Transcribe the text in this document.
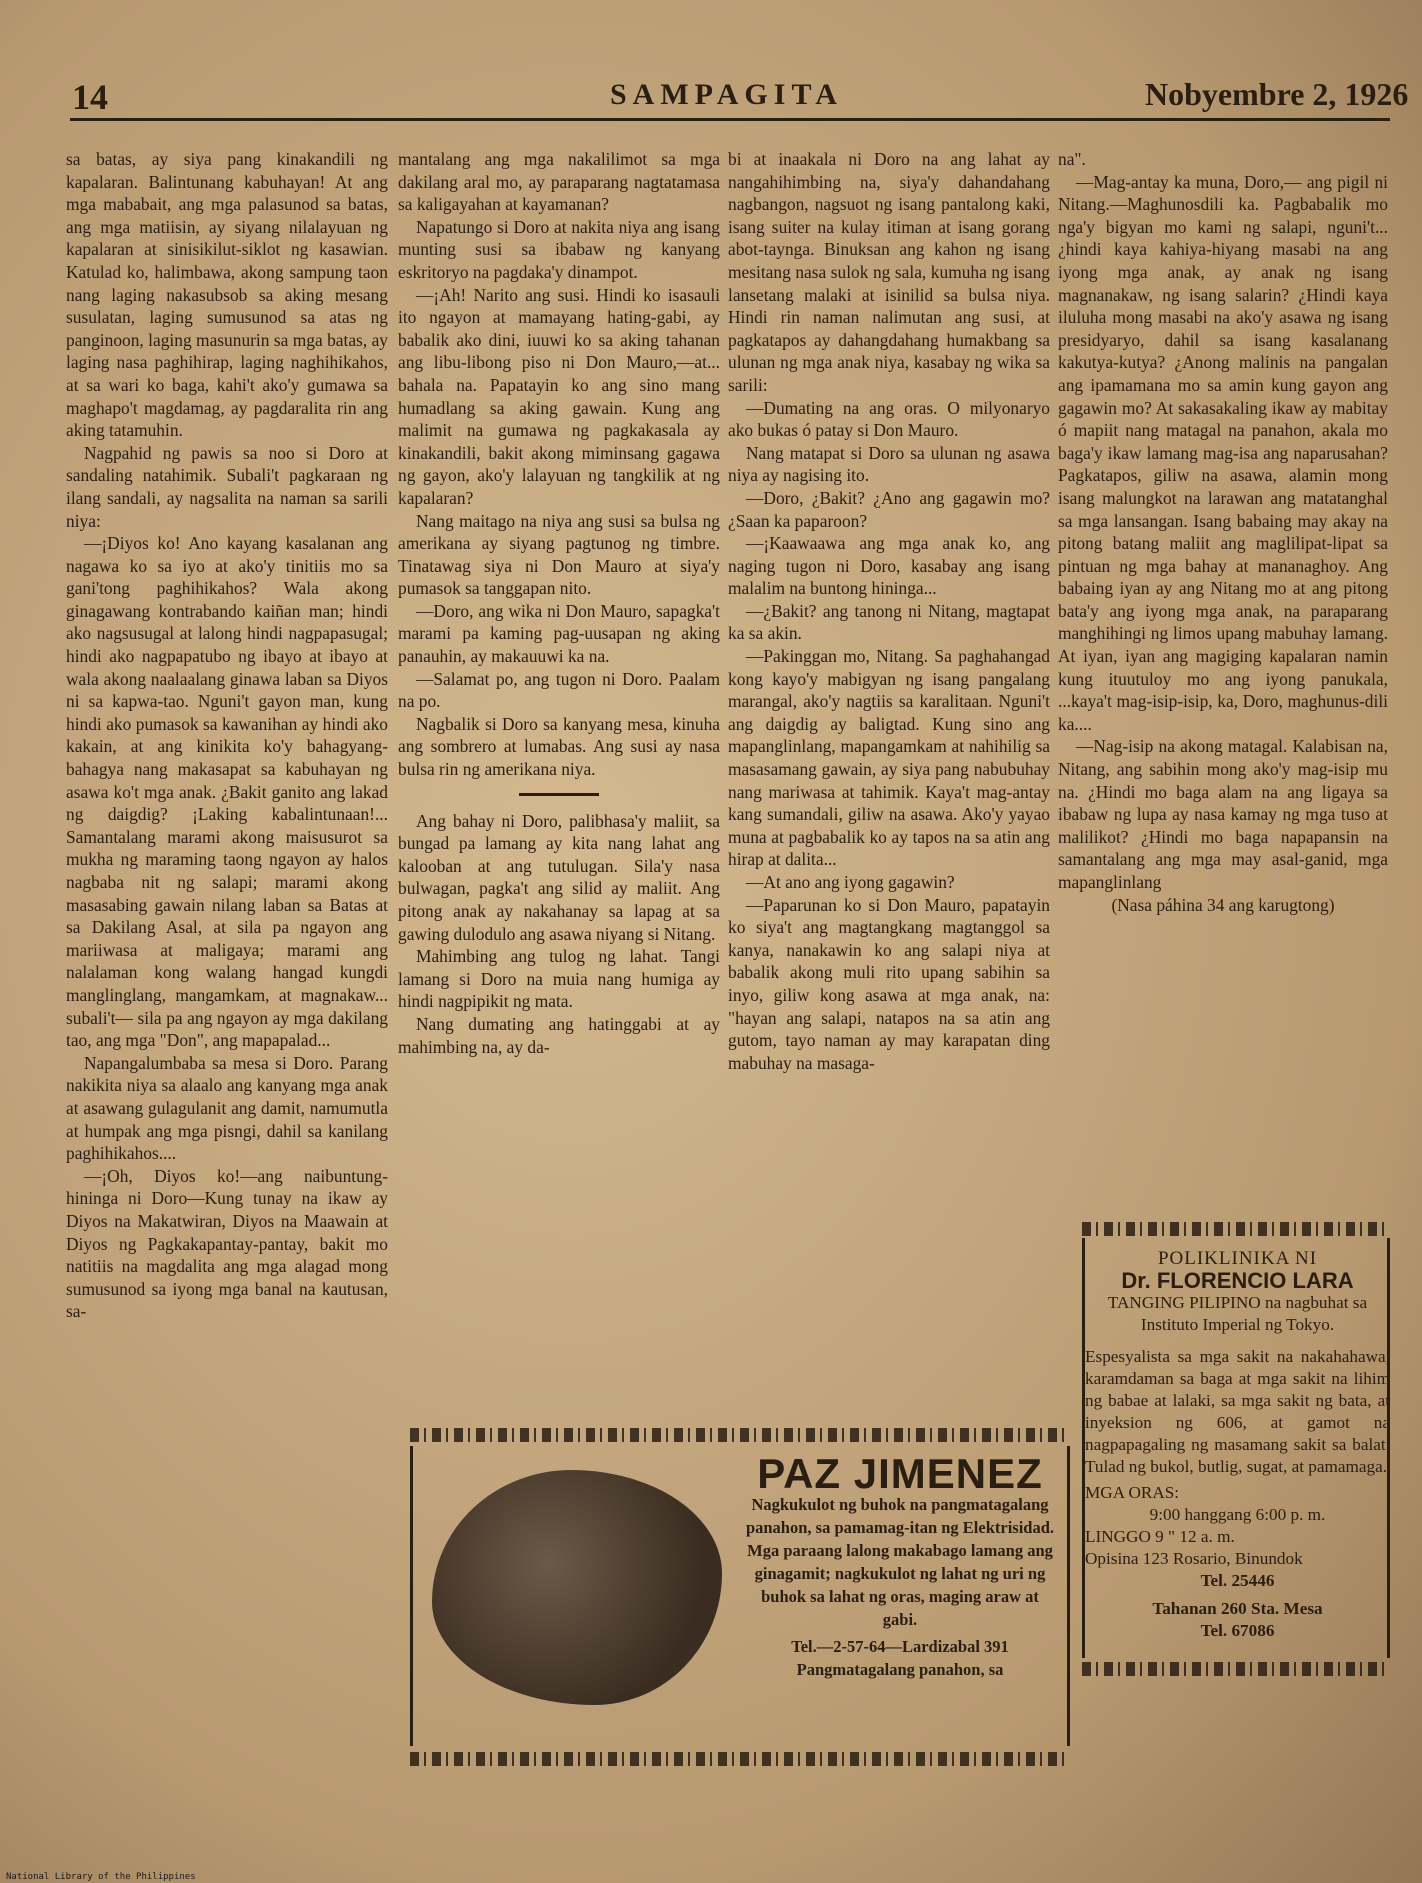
14	SAMPAGITA	Nobyembre 2, 1926

sa batas, ay siya pang kinakandili ng kapalaran. Balintunang kabuhayan! At ang mga mababait, ang mga palasunod sa batas, ang mga matiisin, ay siyang nilalayuan ng kapalaran at sinisikilut-siklot ng kasawian. Katulad ko, halimbawa, akong sampung taon nang laging nakasubsob sa aking mesang susulatan, laging sumusunod sa atas ng panginoon, laging masunurin sa mga batas, ay laging nasa paghihirap, laging naghihikahos, at sa wari ko baga, kahi't ako'y gumawa sa maghapo't magdamag, ay pagdaralita rin ang aking tatamuhin.

Nagpahid ng pawis sa noo si Doro at sandaling natahimik. Subali't pagkaraan ng ilang sandali, ay nagsalita na naman sa sarili niya:

—¡Diyos ko! Ano kayang kasalanan ang nagawa ko sa iyo at ako'y tinitiis mo sa gani'tong paghihikahos? Wala akong ginagawang kontrabando kaiñan man; hindi ako nagsusugal at lalong hindi nagpapasugal; hindi ako nagpapatubo ng ibayo at ibayo at wala akong naalaalang ginawa laban sa Diyos ni sa kapwa-tao. Nguni't gayon man, kung hindi ako pumasok sa kawanihan ay hindi ako kakain, at ang kinikita ko'y bahagyang-bahagya nang makasapat sa kabuhayan ng asawa ko't mga anak. ¿Bakit ganito ang lakad ng daigdig? ¡Laking kabalintunaan!... Samantalang marami akong maisusurot sa mukha ng maraming taong ngayon ay halos nagbaba nit ng salapi; marami akong masasabing gawain nilang laban sa Batas at sa Dakilang Asal, at sila pa ngayon ang mariiwasa at maligaya; marami ang nalalaman kong walang hangad kungdi manglinglang, mangamkam, at magnakaw... subali't— sila pa ang ngayon ay mga dakilang tao, ang mga "Don", ang mapapalad...

Napangalumbaba sa mesa si Doro. Parang nakikita niya sa alaalo ang kanyang mga anak at asawang gulagulanit ang damit, namumutla at humpak ang mga pisngi, dahil sa kanilang paghihikahos....

—¡Oh, Diyos ko!—ang naibuntung-hininga ni Doro—Kung tunay na ikaw ay Diyos na Makatwiran, Diyos na Maawain at Diyos ng Pagkakapantay-pantay, bakit mo natitiis na magdalita ang mga alagad mong sumusunod sa iyong mga banal na kautusan, sa-

mantalang ang mga nakalilimot sa mga dakilang aral mo, ay paraparang nagtatamasa sa kaligayahan at kayamanan?

Napatungo si Doro at nakita niya ang isang munting susi sa ibabaw ng kanyang eskritoryo na pagdaka'y dinampot.

—¡Ah! Narito ang susi. Hindi ko isasauli ito ngayon at mamayang hating-gabi, ay babalik ako dini, iuuwi ko sa aking tahanan ang libu-libong piso ni Don Mauro,—at... bahala na. Papatayin ko ang sino mang humadlang sa aking gawain. Kung ang malimit na gumawa ng pagkakasala ay kinakandili, bakit akong miminsang gagawa ng gayon, ako'y lalayuan ng tangkilik at ng kapalaran?

Nang maitago na niya ang susi sa bulsa ng amerikana ay siyang pagtunog ng timbre. Tinatawag siya ni Don Mauro at siya'y pumasok sa tanggapan nito.

—Doro, ang wika ni Don Mauro, sapagka't marami pa kaming pag-uusapan ng aking panauhin, ay makauuwi ka na.

—Salamat po, ang tugon ni Doro. Paalam na po.

Nagbalik si Doro sa kanyang mesa, kinuha ang sombrero at lumabas. Ang susi ay nasa bulsa rin ng amerikana niya.

Ang bahay ni Doro, palibhasa'y maliit, sa bungad pa lamang ay kita nang lahat ang kalooban at ang tutulugan. Sila'y nasa bulwagan, pagka't ang silid ay maliit. Ang pitong anak ay nakahanay sa lapag at sa gawing dulodulo ang asawa niyang si Nitang.

Mahimbing ang tulog ng lahat. Tangi lamang si Doro na muia nang humiga ay hindi nagpipikit ng mata.

Nang dumating ang hatinggabi at ay mahimbing na, ay da-

bi at inaakala ni Doro na ang lahat ay nangahihimbing na, siya'y dahandahang nagbangon, nagsuot ng isang pantalong kaki, isang suiter na kulay itiman at isang gorang abot-taynga. Binuksan ang kahon ng isang mesitang nasa sulok ng sala, kumuha ng isang lansetang malaki at isinilid sa bulsa niya. Hindi rin naman nalimutan ang susi, at pagkatapos ay dahangdahang humakbang sa ulunan ng mga anak niya, kasabay ng wika sa sarili:

—Dumating na ang oras. O milyonaryo ako bukas ó patay si Don Mauro.

Nang matapat si Doro sa ulunan ng asawa niya ay nagising ito.

—Doro, ¿Bakit? ¿Ano ang gagawin mo? ¿Saan ka paparoon?

—¡Kaawaawa ang mga anak ko, ang naging tugon ni Doro, kasabay ang isang malalim na buntong hininga...

—¿Bakit? ang tanong ni Nitang, magtapat ka sa akin.

—Pakinggan mo, Nitang. Sa paghahangad kong kayo'y mabigyan ng isang pangalang marangal, ako'y nagtiis sa karalitaan. Nguni't ang daigdig ay baligtad. Kung sino ang mapanglinlang, mapangamkam at nahihilig sa masasamang gawain, ay siya pang nabubuhay nang mariwasa at tahimik. Kaya't mag-antay kang sumandali, giliw na asawa. Ako'y yayao muna at pagbabalik ko ay tapos na sa atin ang hirap at dalita...

—At ano ang iyong gagawin?

—Paparunan ko si Don Mauro, papatayin ko siya't ang magtangkang magtanggol sa kanya, nanakawin ko ang salapi niya at babalik akong muli rito upang sabihin sa inyo, giliw kong asawa at mga anak, na: "hayan ang salapi, natapos na sa atin ang gutom, tayo naman ay may karapatan ding mabuhay na masaga-

na".

—Mag-antay ka muna, Doro,— ang pigil ni Nitang.—Maghunosdili ka. Pagbabalik mo nga'y bigyan mo kami ng salapi, nguni't... ¿hindi kaya kahiya-hiyang masabi na ang iyong mga anak, ay anak ng isang magnanakaw, ng isang salarin? ¿Hindi kaya iluluha mong masabi na ako'y asawa ng isang presidyaryo, dahil sa isang kasalanang kakutya-kutya? ¿Anong malinis na pangalan ang ipamamana mo sa amin kung gayon ang gagawin mo? At sakasakaling ikaw ay mabitay ó mapiit nang matagal na panahon, akala mo baga'y ikaw lamang mag-isa ang naparusahan? Pagkatapos, giliw na asawa, alamin mong isang malungkot na larawan ang matatanghal sa mga lansangan. Isang babaing may akay na pitong batang maliit ang maglilipat-lipat sa pintuan ng mga bahay at mananaghoy. Ang babaing iyan ay ang Nitang mo at ang pitong bata'y ang iyong mga anak, na paraparang manghihingi ng limos upang mabuhay lamang. At iyan, iyan ang magiging kapalaran namin kung ituutuloy mo ang iyong panukala, ...kaya't mag-isip-isip, ka, Doro, maghunus-dili ka....

—Nag-isip na akong matagal. Kalabisan na, Nitang, ang sabihin mong ako'y mag-isip mu na. ¿Hindi mo baga alam na ang ligaya sa ibabaw ng lupa ay nasa kamay ng mga tuso at malilikot? ¿Hindi mo baga napapansin na samantalang ang mga may asal-ganid, mga mapanglinlang

(Nasa páhina 34 ang karugtong)

POLIKLINIKA NI
Dr. FLORENCIO LARA
TANGING PILIPINO na nagbuhat sa Instituto Imperial ng Tokyo.

Espesyalista sa mga sakit na nakahahawa, karamdaman sa baga at mga sakit na lihim ng babae at lalaki, sa mga sakit ng bata, at inyeksion ng 606, at gamot na nagpapagaling ng masamang sakit sa balat. Tulad ng bukol, butlig, sugat, at pamamaga.

MGA ORAS:
9:00 hanggang 6:00 p. m.
LINGGO 9 " 12 a. m.
Opisina 123 Rosario, Binundok
Tel. 25446
Tahanan 260 Sta. Mesa
Tel. 67086
PAZ JIMENEZ
Nagkukulot ng buhok na pangmatagalang panahon, sa pamamag-itan ng Elektrisidad. Mga paraang lalong makabago lamang ang ginagamit; nagkukulot ng lahat ng uri ng buhok sa lahat ng oras, maging araw at gabi.
Tel.—2-57-64—Lardizabal 391
Pangmatagalang panahon, sa
National Library of the Philippines
